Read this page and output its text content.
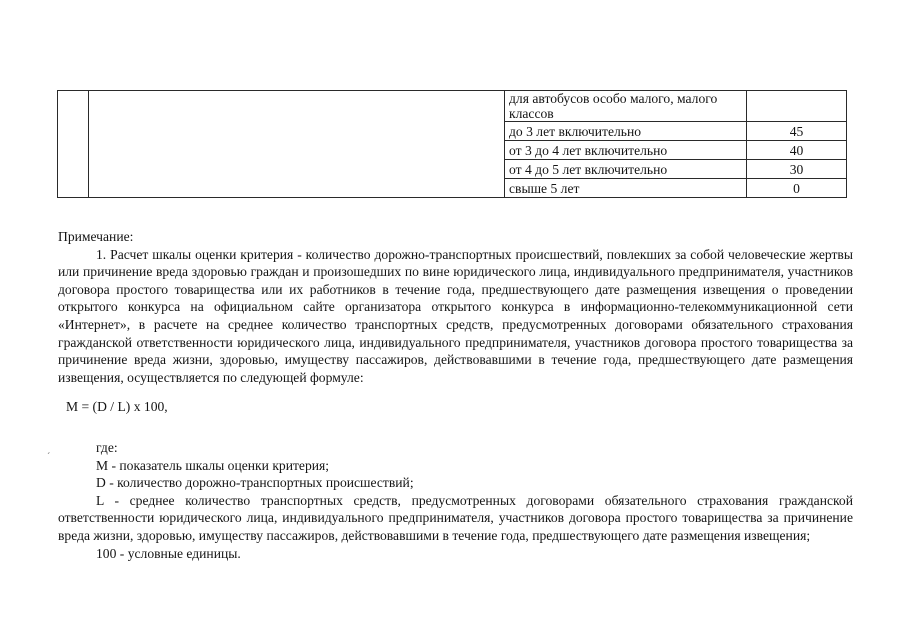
		для автобусов особо малого, малого классов	
		до 3 лет включительно	45
		от 3 до 4 лет включительно	40
		от 4 до 5 лет включительно	30
		свыше 5 лет	0

Примечание:

1. Расчет шкалы оценки критерия - количество дорожно-транспортных происшествий, повлекших за собой человеческие жертвы или причинение вреда здоровью граждан и произошедших по вине юридического лица, индивидуального предпринимателя, участников договора простого товарищества или их работников в течение года, предшествующего дате размещения извещения о проведении открытого конкурса на официальном сайте организатора открытого конкурса в информационно-телекоммуникационной сети «Интернет», в расчете на среднее количество транспортных средств, предусмотренных договорами обязательного страхования гражданской ответственности юридического лица, индивидуального предпринимателя, участников договора простого товарищества за причинение вреда жизни, здоровью, имуществу пассажиров, действовавшими в течение года, предшествующего дате размещения извещения, осуществляется по следующей формуле:

M = (D / L) x 100,

где:

M - показатель шкалы оценки критерия;

D - количество дорожно-транспортных происшествий;

L - среднее количество транспортных средств, предусмотренных договорами обязательного страхования гражданской ответственности юридического лица, индивидуального предпринимателя, участников договора простого товарищества за причинение вреда жизни, здоровью, имуществу пассажиров, действовавшими в течение года, предшествующего дате размещения извещения;

100 - условные единицы.

´
